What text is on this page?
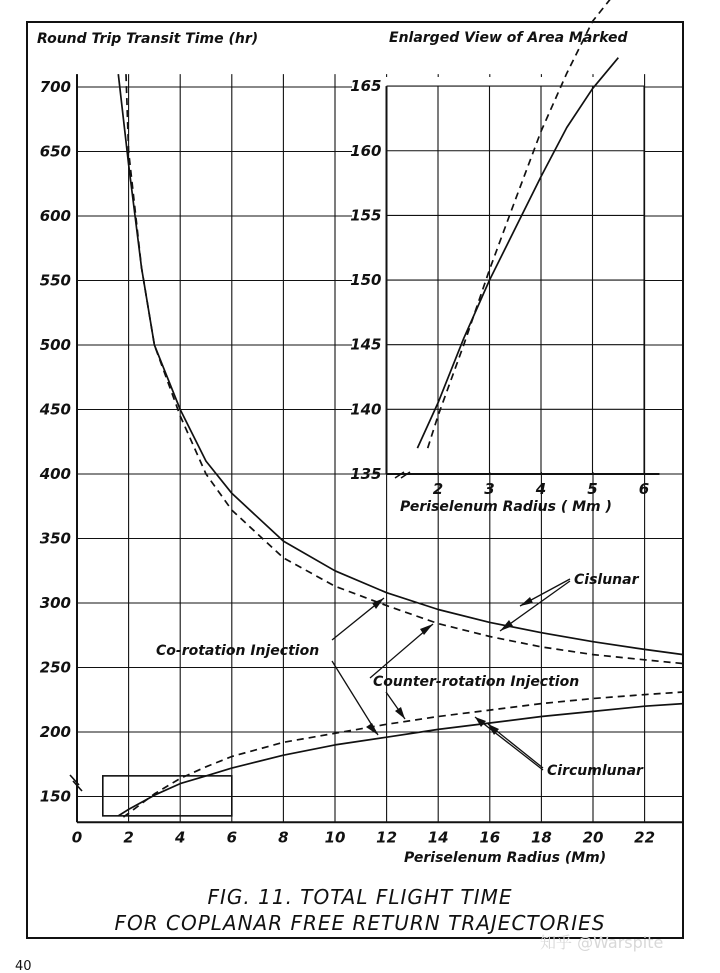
150
200
250
300
350
400
450
500
550
600
650
700
0	2	4	6	8 10 12 14 16 18 20 22
135
140
145
150
155
160
165
2	3	4	5	6
Round Trip Transit Time (hr)	Enlarged View of Area Marked
Periselenum Radius ( Mm )
Periselenum Radius (Mm)
Cislunar
Circumlunar
Co-rotation Injection
Counter-rotation Injection
FIG. 11. TOTAL FLIGHT TIME
FOR COPLANAR FREE RETURN TRAJECTORIES
知乎 @Warspite
40
